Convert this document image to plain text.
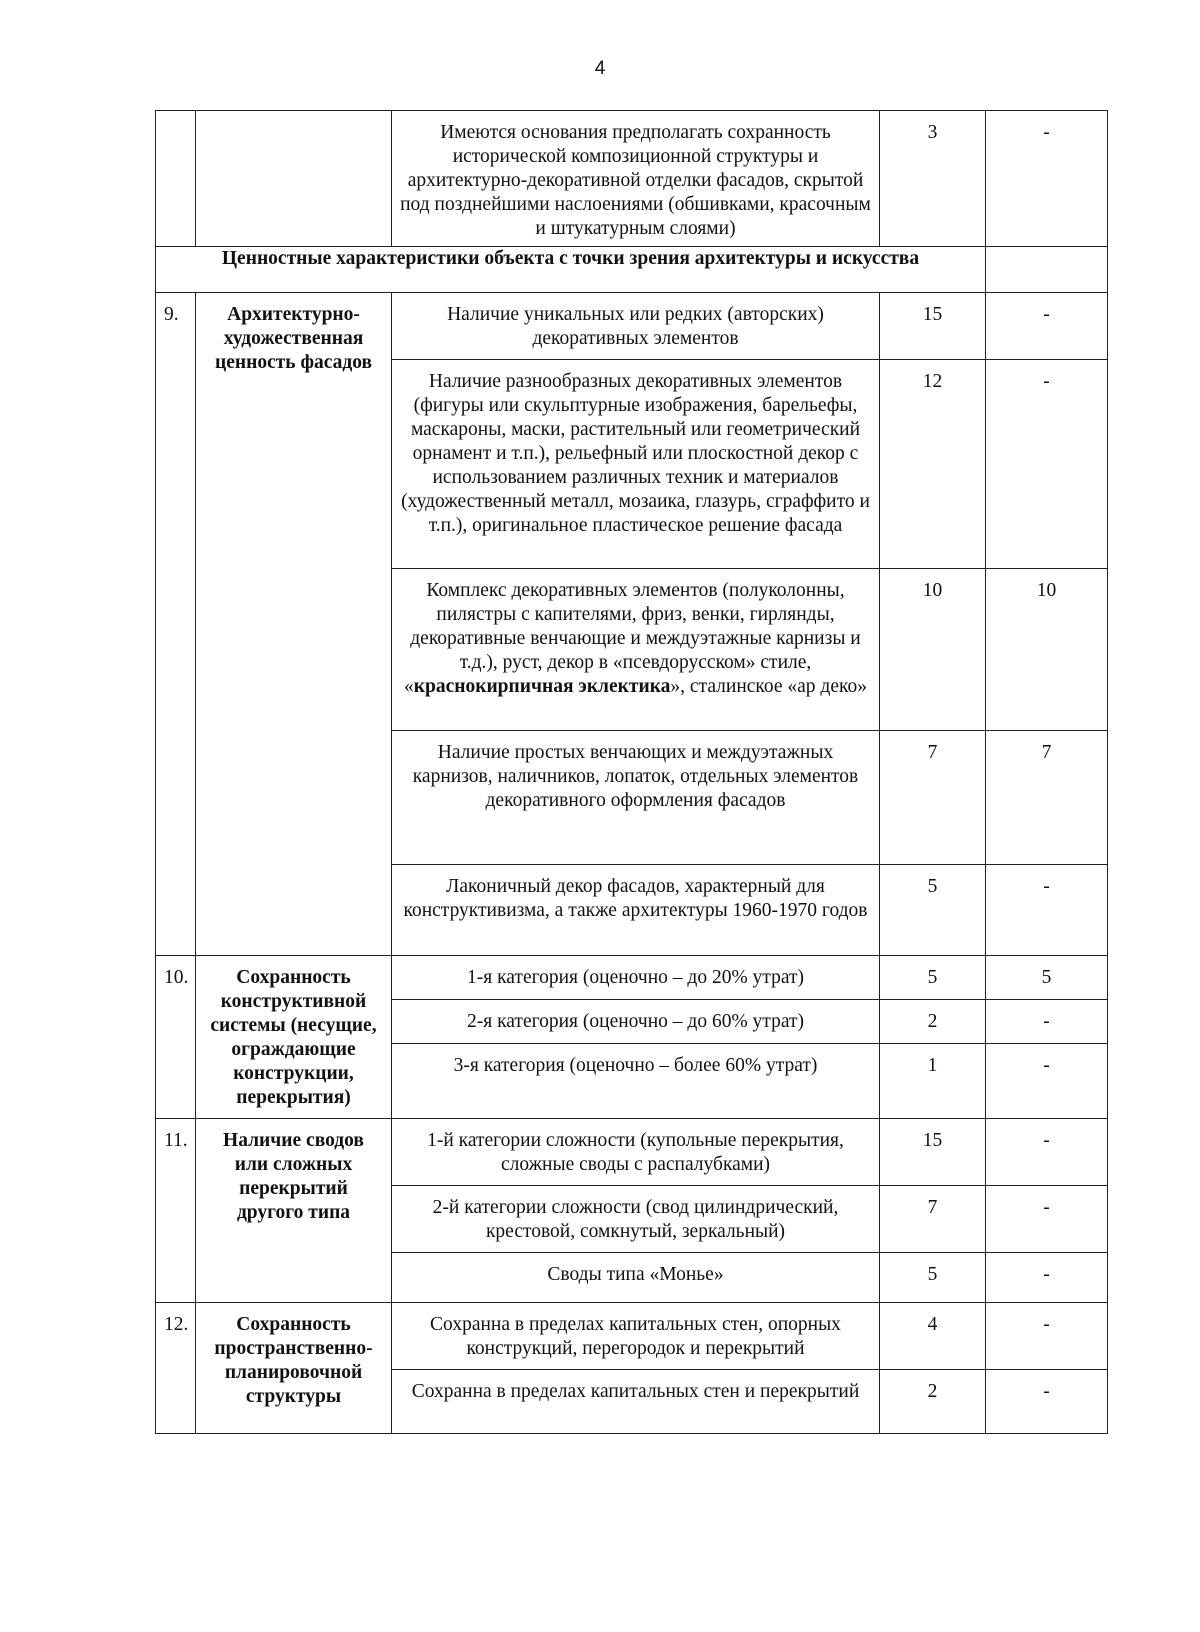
4
		Имеются основания предполагать сохранность исторической композиционной структуры и архитектурно-декоративной отделки фасадов, скрытой под позднейшими наслоениями (обшивками, красочным и штукатурным слоями)	3	-
Ценностные характеристики объекта с точки зрения архитектуры и искусства				
9.	Архитектурно-художественная ценность фасадов	Наличие уникальных или редких (авторских) декоративных элементов	15	-
		Наличие разнообразных декоративных элементов (фигуры или скульптурные изображения, барельефы, маскароны, маски, растительный или геометрический орнамент и т.п.), рельефный или плоскостной декор с использованием различных техник и материалов (художественный металл, мозаика, глазурь, сграффито и т.п.), оригинальное пластическое решение фасада	12	-
		Комплекс декоративных элементов (полуколонны, пилястры с капителями, фриз, венки, гирлянды, декоративные венчающие и междуэтажные карнизы и т.д.), руст, декор в «псевдорусском» стиле, «краснокирпичная эклектика», сталинское «ар деко»	10	10
		Наличие простых венчающих и междуэтажных карнизов, наличников, лопаток, отдельных элементов декоративного оформления фасадов	7	7
		Лаконичный декор фасадов, характерный для конструктивизма, а также архитектуры 1960-1970 годов	5	-
10.	Сохранность конструктивной системы (несущие, ограждающие конструкции, перекрытия)	1-я категория (оценочно – до 20% утрат)	5	5
		2-я категория (оценочно – до 60% утрат)	2	-
		3-я категория (оценочно – более 60% утрат)	1	-
11.	Наличие сводов или сложных перекрытий другого типа	1-й категории сложности (купольные перекрытия, сложные своды с распалубками)	15	-
		2-й категории сложности (свод цилиндрический, крестовой, сомкнутый, зеркальный)	7	-
		Своды типа «Монье»	5	-
12.	Сохранность пространственно-планировочной структуры	Сохранна в пределах капитальных стен, опорных конструкций, перегородок и перекрытий	4	-
		Сохранна в пределах капитальных стен и перекрытий	2	-
